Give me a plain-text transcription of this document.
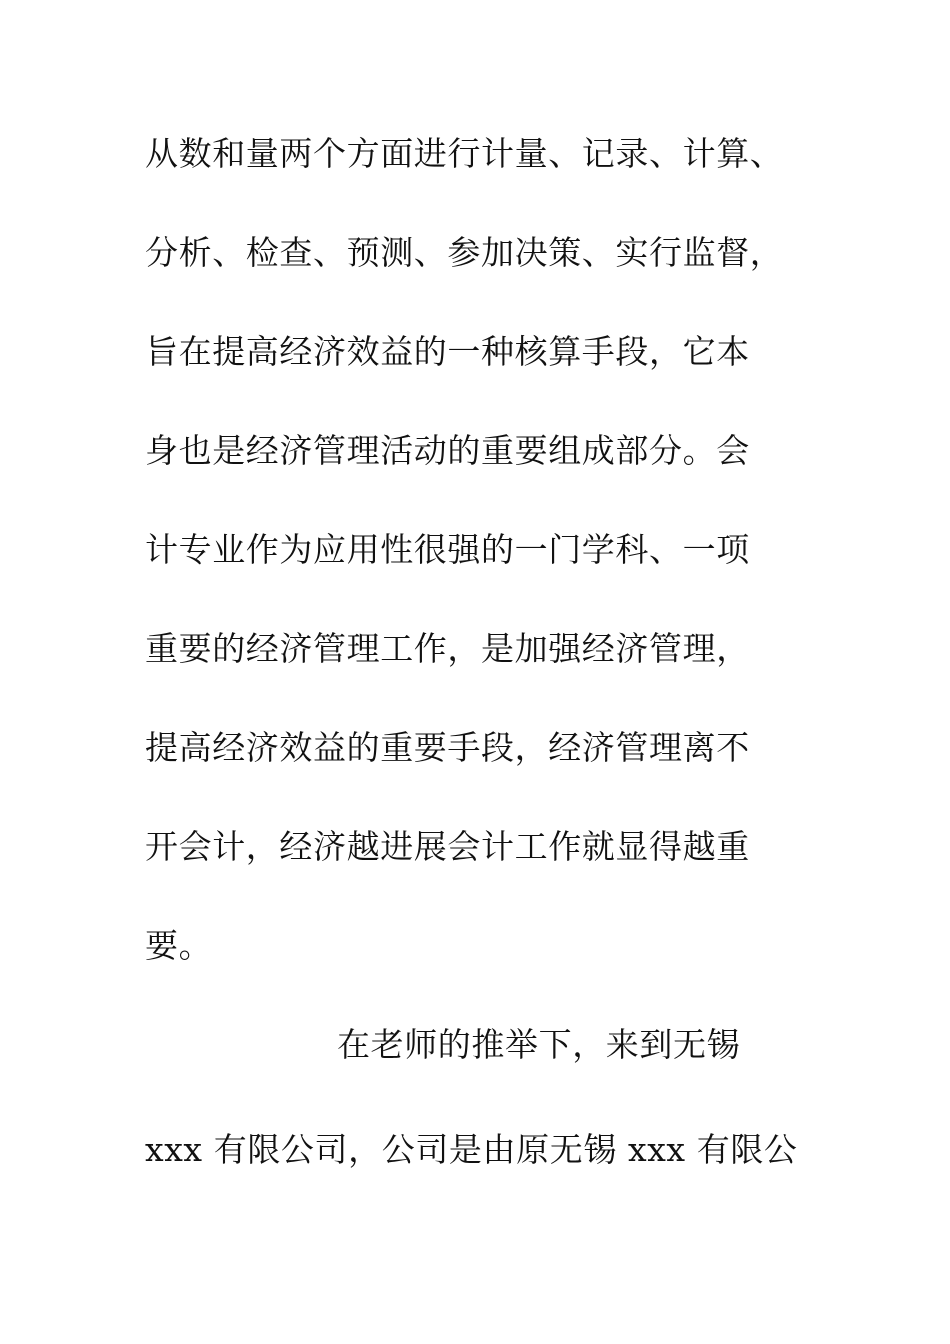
从数和量两个方面进行计量、记录、计算、

分析、检查、预测、参加决策、实行监督，

旨在提高经济效益的一种核算手段，它本

身也是经济管理活动的重要组成部分。会

计专业作为应用性很强的一门学科、一项

重要的经济管理工作，是加强经济管理，

提高经济效益的重要手段，经济管理离不

开会计，经济越进展会计工作就显得越重

要。

在老师的推举下，来到无锡

xxx 有限公司，公司是由原无锡 xxx 有限公
